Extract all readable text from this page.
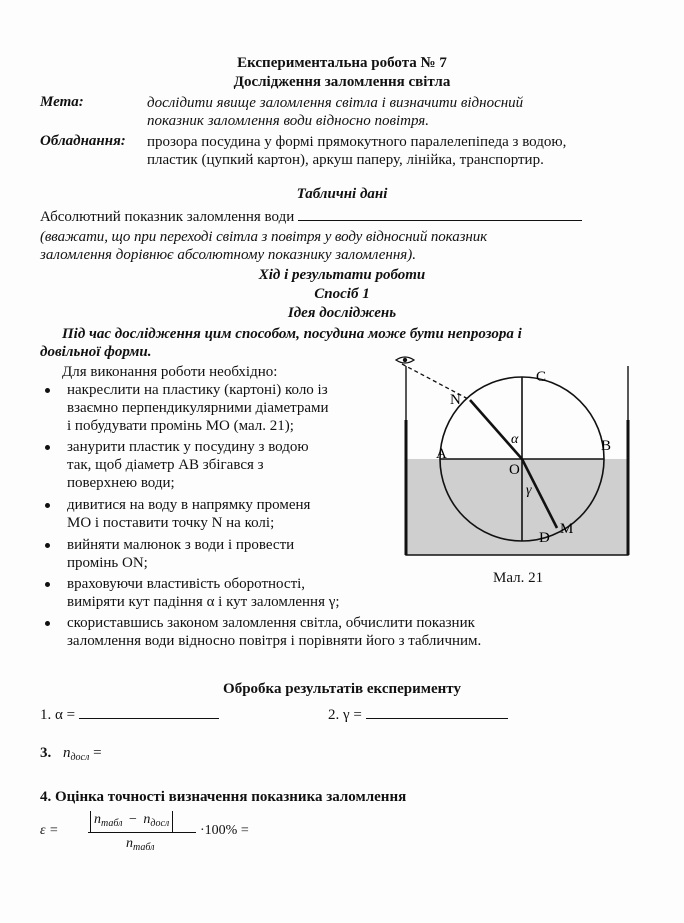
Експериментальна робота № 7
Дослідження заломлення світла
Мета:	дослідити явище заломлення світла і визначити відносний
показник заломлення води відносно повітря.
Обладнання: прозора посудина у формі прямокутного паралелепіпеда з водою,
пластик (цупкий картон), аркуш паперу, лінійка, транспортир.
Табличні дані
Абсолютний показник заломлення води
(вважати, що при переході світла з повітря у воду відносний показник
заломлення дорівнює абсолютному показнику заломлення).
Хід і результати роботи
Спосіб 1
Ідея досліджень
Під час дослідження цим способом, посудина може бути непрозора і
довільної форми.
Для виконання роботи необхідно:
накреслити на пластику (картоні) коло із
взаємно перпендикулярними діаметрами
і побудувати промінь МО (мал. 21);
занурити пластик у посудину з водою
так, щоб діаметр АВ збігався з
поверхнею води;
дивитися на воду в напрямку променя
МО і поставити точку N на колі;
вийняти малюнок з води і провести
промінь ON;
враховуючи властивість оборотності,
виміряти кут падіння α і кут заломлення γ;
скориставшись законом заломлення світла, обчислити показник
заломлення води відносно повітря і порівняти його з табличним.
C
A	B
D
N
O
M
α
γ
Мал. 21
Обробка результатів експерименту
1. α =	2. γ =
3. $n_{досл}$ =
4. Оцінка точності визначення показника заломлення
ε =
$n_{табл} - n_{досл}$
$n_{табл}$
·100% =
